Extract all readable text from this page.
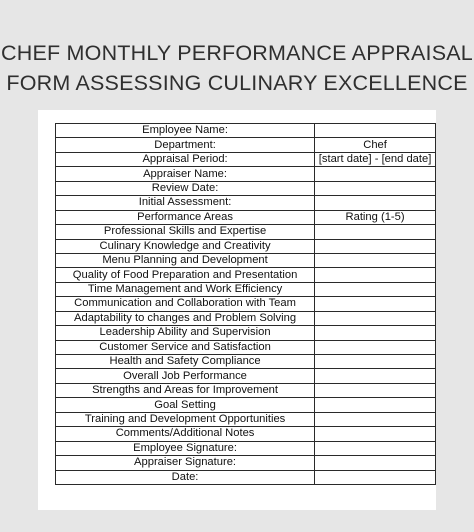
CHEF MONTHLY PERFORMANCE APPRAISAL
FORM ASSESSING CULINARY EXCELLENCE
Employee Name:	
Department:	Chef
Appraisal Period:	[start date] - [end date]
Appraiser Name:	
Review Date:	
Initial Assessment:	
Performance Areas	Rating (1-5)
Professional Skills and Expertise	
Culinary Knowledge and Creativity	
Menu Planning and Development	
Quality of Food Preparation and Presentation	
Time Management and Work Efficiency	
Communication and Collaboration with Team	
Adaptability to changes and Problem Solving	
Leadership Ability and Supervision	
Customer Service and Satisfaction	
Health and Safety Compliance	
Overall Job Performance	
Strengths and Areas for Improvement	
Goal Setting	
Training and Development Opportunities	
Comments/Additional Notes	
Employee Signature:	
Appraiser Signature:	
Date:	
